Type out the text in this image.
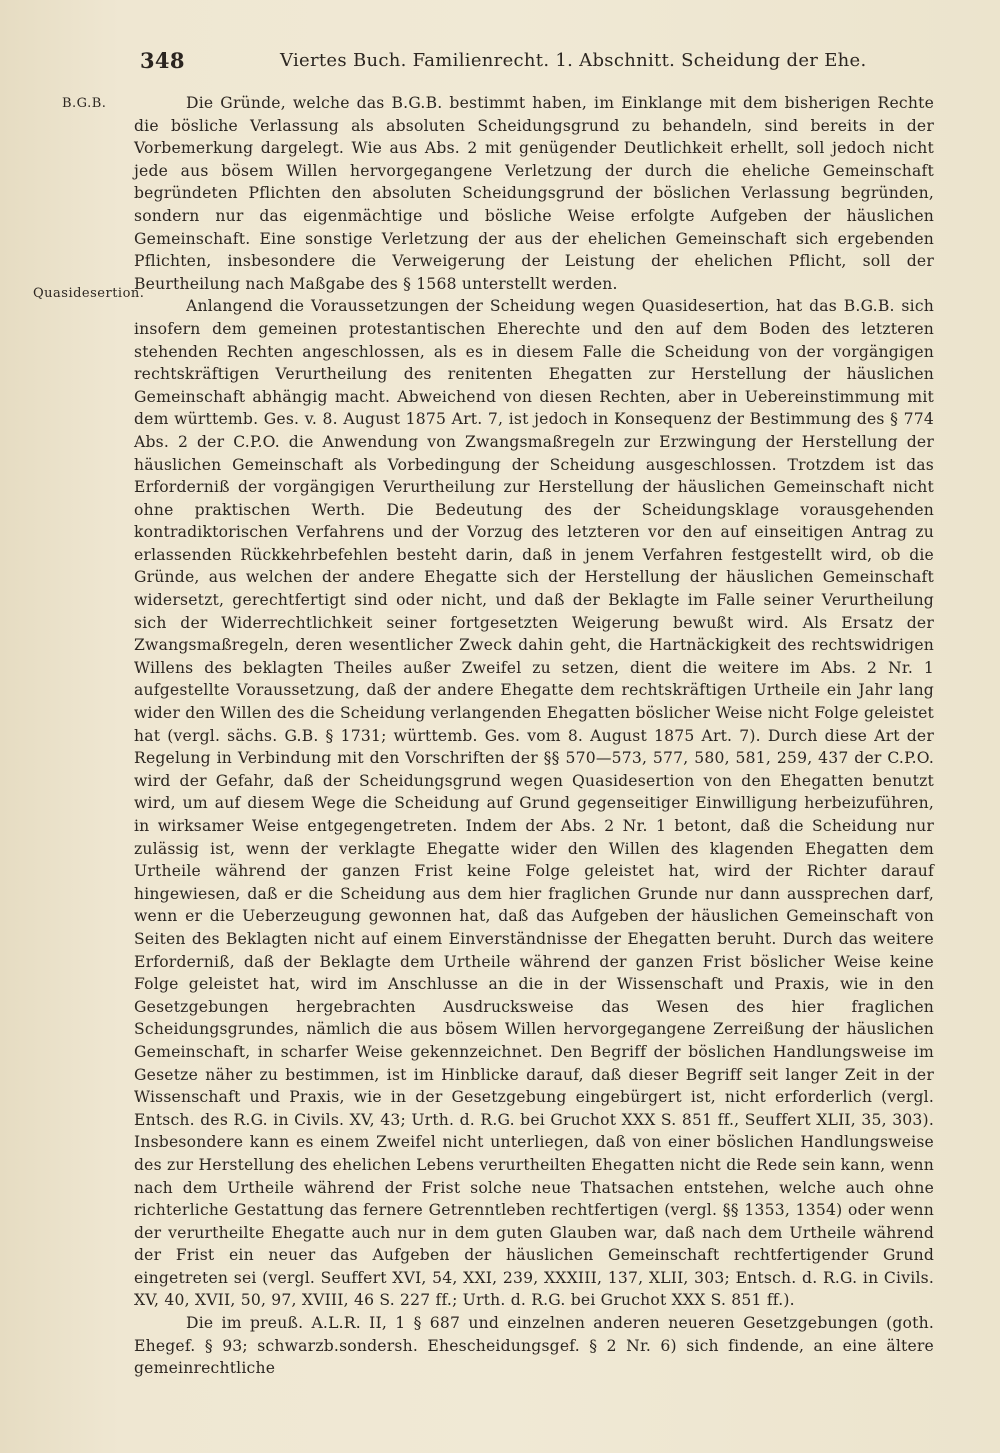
348	Viertes Buch. Familienrecht. 1. Abschnitt. Scheidung der Ehe.
B.G.B.
Quasidesertion.

Die Gründe, welche das B.G.B. bestimmt haben, im Einklange mit dem bisherigen Rechte die bösliche Verlassung als absoluten Scheidungsgrund zu behandeln, sind bereits in der Vorbemerkung dargelegt. Wie aus Abs. 2 mit genügender Deutlichkeit erhellt, soll jedoch nicht jede aus bösem Willen hervorgegangene Verletzung der durch die eheliche Gemeinschaft begründeten Pflichten den absoluten Scheidungsgrund der böslichen Verlassung begründen, sondern nur das eigenmächtige und bösliche Weise erfolgte Aufgeben der häuslichen Gemeinschaft. Eine sonstige Verletzung der aus der ehelichen Gemeinschaft sich ergebenden Pflichten, insbesondere die Verweigerung der Leistung der ehelichen Pflicht, soll der Beurtheilung nach Maßgabe des § 1568 unterstellt werden.

Anlangend die Voraussetzungen der Scheidung wegen Quasidesertion, hat das B.G.B. sich insofern dem gemeinen protestantischen Eherechte und den auf dem Boden des letzteren stehenden Rechten angeschlossen, als es in diesem Falle die Scheidung von der vorgängigen rechtskräftigen Verurtheilung des renitenten Ehegatten zur Herstellung der häuslichen Gemeinschaft abhängig macht. Abweichend von diesen Rechten, aber in Uebereinstimmung mit dem württemb. Ges. v. 8. August 1875 Art. 7, ist jedoch in Konsequenz der Bestimmung des § 774 Abs. 2 der C.P.O. die Anwendung von Zwangsmaßregeln zur Erzwingung der Herstellung der häuslichen Gemeinschaft als Vorbedingung der Scheidung ausgeschlossen. Trotzdem ist das Erforderniß der vorgängigen Verurtheilung zur Herstellung der häuslichen Gemeinschaft nicht ohne praktischen Werth. Die Bedeutung des der Scheidungsklage vorausgehenden kontradiktorischen Verfahrens und der Vorzug des letzteren vor den auf einseitigen Antrag zu erlassenden Rückkehrbefehlen besteht darin, daß in jenem Verfahren festgestellt wird, ob die Gründe, aus welchen der andere Ehegatte sich der Herstellung der häuslichen Gemeinschaft widersetzt, gerechtfertigt sind oder nicht, und daß der Beklagte im Falle seiner Verurtheilung sich der Widerrechtlichkeit seiner fortgesetzten Weigerung bewußt wird. Als Ersatz der Zwangsmaßregeln, deren wesentlicher Zweck dahin geht, die Hartnäckigkeit des rechtswidrigen Willens des beklagten Theiles außer Zweifel zu setzen, dient die weitere im Abs. 2 Nr. 1 aufgestellte Voraussetzung, daß der andere Ehegatte dem rechtskräftigen Urtheile ein Jahr lang wider den Willen des die Scheidung verlangenden Ehegatten böslicher Weise nicht Folge geleistet hat (vergl. sächs. G.B. § 1731; württemb. Ges. vom 8. August 1875 Art. 7). Durch diese Art der Regelung in Verbindung mit den Vorschriften der §§ 570—573, 577, 580, 581, 259, 437 der C.P.O. wird der Gefahr, daß der Scheidungsgrund wegen Quasidesertion von den Ehegatten benutzt wird, um auf diesem Wege die Scheidung auf Grund gegenseitiger Einwilligung herbeizuführen, in wirksamer Weise entgegengetreten. Indem der Abs. 2 Nr. 1 betont, daß die Scheidung nur zulässig ist, wenn der verklagte Ehegatte wider den Willen des klagenden Ehegatten dem Urtheile während der ganzen Frist keine Folge geleistet hat, wird der Richter darauf hingewiesen, daß er die Scheidung aus dem hier fraglichen Grunde nur dann aussprechen darf, wenn er die Ueberzeugung gewonnen hat, daß das Aufgeben der häuslichen Gemeinschaft von Seiten des Beklagten nicht auf einem Einverständnisse der Ehegatten beruht. Durch das weitere Erforderniß, daß der Beklagte dem Urtheile während der ganzen Frist böslicher Weise keine Folge geleistet hat, wird im Anschlusse an die in der Wissenschaft und Praxis, wie in den Gesetzgebungen hergebrachten Ausdrucksweise das Wesen des hier fraglichen Scheidungsgrundes, nämlich die aus bösem Willen hervorgegangene Zerreißung der häuslichen Gemeinschaft, in scharfer Weise gekennzeichnet. Den Begriff der böslichen Handlungsweise im Gesetze näher zu bestimmen, ist im Hinblicke darauf, daß dieser Begriff seit langer Zeit in der Wissenschaft und Praxis, wie in der Gesetzgebung eingebürgert ist, nicht erforderlich (vergl. Entsch. des R.G. in Civils. XV, 43; Urth. d. R.G. bei Gruchot XXX S. 851 ff., Seuffert XLII, 35, 303). Insbesondere kann es einem Zweifel nicht unterliegen, daß von einer böslichen Handlungsweise des zur Herstellung des ehelichen Lebens verurtheilten Ehegatten nicht die Rede sein kann, wenn nach dem Urtheile während der Frist solche neue Thatsachen entstehen, welche auch ohne richterliche Gestattung das fernere Getrenntleben rechtfertigen (vergl. §§ 1353, 1354) oder wenn der verurtheilte Ehegatte auch nur in dem guten Glauben war, daß nach dem Urtheile während der Frist ein neuer das Aufgeben der häuslichen Gemeinschaft rechtfertigender Grund eingetreten sei (vergl. Seuffert XVI, 54, XXI, 239, XXXIII, 137, XLII, 303; Entsch. d. R.G. in Civils. XV, 40, XVII, 50, 97, XVIII, 46 S. 227 ff.; Urth. d. R.G. bei Gruchot XXX S. 851 ff.).

Die im preuß. A.L.R. II, 1 § 687 und einzelnen anderen neueren Gesetzgebungen (goth. Ehegef. § 93; schwarzb.sondersh. Ehescheidungsgef. § 2 Nr. 6) sich findende, an eine ältere gemeinrechtliche
